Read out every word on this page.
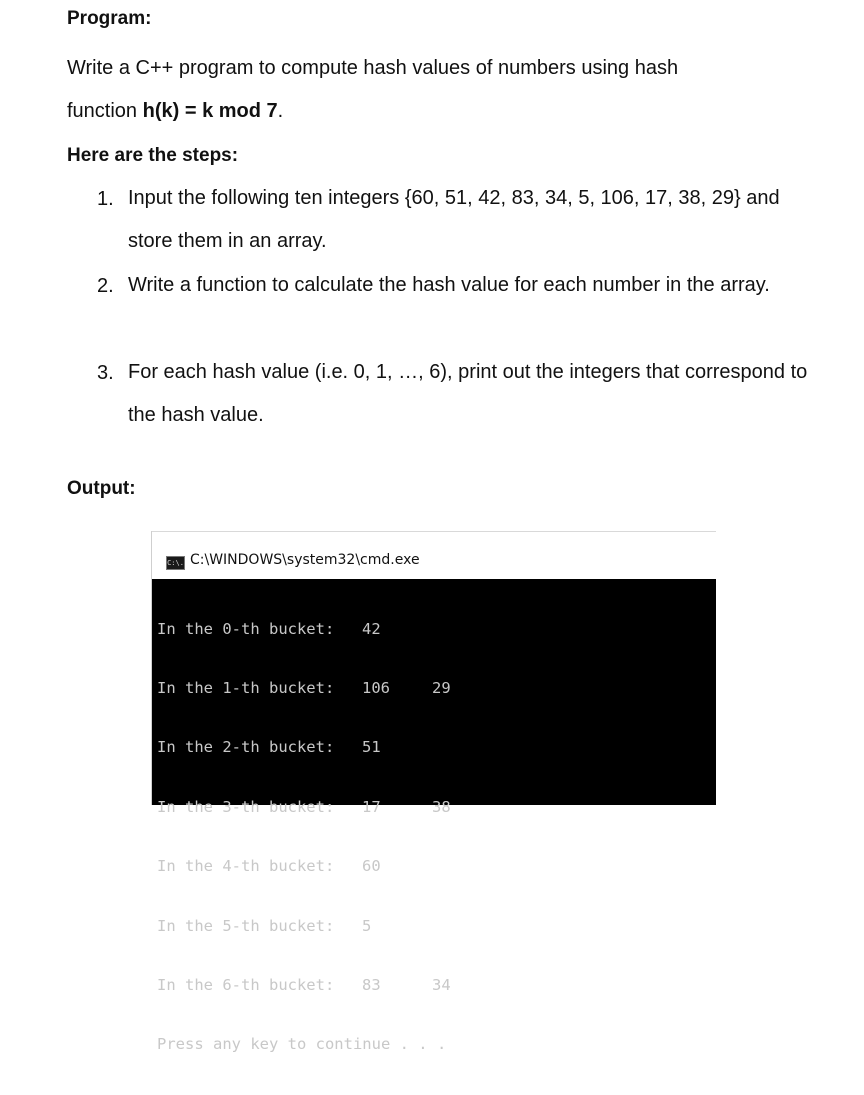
Program:
Write a C++ program to compute hash values of numbers using hash
function h(k) = k mod 7.
Here are the steps:
1. Input the following ten integers {60, 51, 42, 83, 34, 5, 106, 17, 38, 29} and store them in an array.
2. Write a function to calculate the hash value for each number in the array.
3. For each hash value (i.e. 0, 1, …, 6), print out the integers that correspond to the hash value.
Output:
C:\. C:\WINDOWS\system32\cmd.exe

In the 0-th bucket: 42

In the 1-th bucket: 106	29

In the 2-th bucket: 51

In the 3-th bucket: 17	38

In the 4-th bucket: 60

In the 5-th bucket: 5

In the 6-th bucket: 83	34

Press any key to continue . . .
